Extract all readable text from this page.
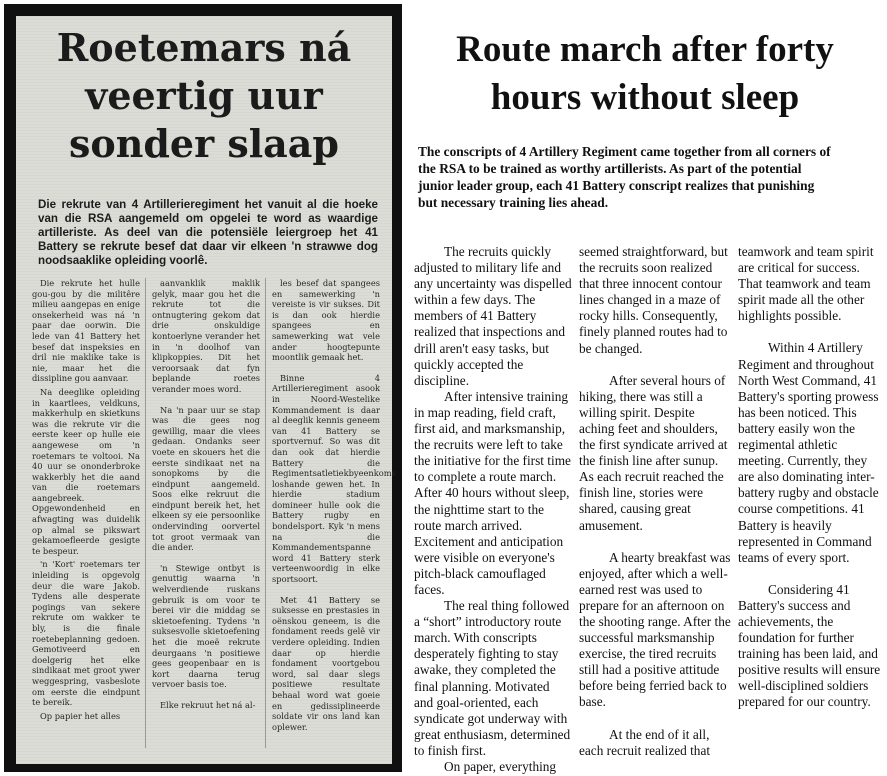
Roetemars ná
veertig uur
sonder slaap

Die rekrute van 4 Artillerieregiment het vanuit al die hoeke van die RSA aangemeld om opgelei te word as waardige artilleriste. As deel van die potensiële leiergroep het 41 Battery se rekrute besef dat daar vir elkeen 'n strawwe dog noodsaaklike opleiding voorlê.

Die rekrute het hulle gou-gou by die militêre milieu aangepas en enige onsekerheid was ná 'n paar dae oorwin. Die lede van 41 Battery het besef dat inspeksies en dril nie maklike take is nie, maar het die dissipline gou aanvaar.

Na deeglike opleiding in kaartlees, veldkuns, makkerhulp en skietkuns was die rekrute vir die eerste keer op hulle eie aangewese om 'n roetemars te voltooi. Na 40 uur se ononderbroke wakkerbly het die aand van die roetemars aangebreek. Opgewondenheid en afwagting was duidelik op almal se pikswart gekamoefleerde gesigte te bespeur.

'n 'Kort' roetemars ter inleiding is opgevolg deur die ware Jakob. Tydens alle desperate pogings van sekere rekrute om wakker te bly, is die finale roetebeplanning gedoen. Gemotiveerd en doelgerig het elke sindikaat met groot ywer weggespring, vasbeslote om eerste die eindpunt te bereik.

Op papier het alles

aanvanklik maklik gelyk, maar gou het die rekrute tot die ontnugtering gekom dat drie onskuldige kontoerlyne verander het in 'n doolhof van klipkoppies. Dit het veroorsaak dat fyn beplande roetes verander moes word.

Na 'n paar uur se stap was die gees nog gewillig, maar die vlees gedaan. Ondanks seer voete en skouers het die eerste sindikaat net na sonopkoms by die eindpunt aangemeld. Soos elke rekruut die eindpunt bereik het, het elkeen sy eie persoonlike ondervinding oorvertel tot groot vermaak van die ander.

'n Stewige ontbyt is genuttig waarna 'n welverdiende ruskans gebruik is om voor te berei vir die middag se skietoefening. Tydens 'n suksesvolle skietoefening het die moeë rekrute deurgaans 'n positiewe gees geopenbaar en is kort daarna terug vervoer basis toe.

Elke rekruut het ná al-

les besef dat spangees en samewerking 'n vereiste is vir sukses. Dit is dan ook hierdie spangees en samewerking wat vele ander hoogtepunte moontlik gemaak het.

Binne 4 Artillerieregiment asook in Noord-Westelike Kommandement is daar al deeglik kennis geneem van 41 Battery se sportvernuf. So was dit dan ook dat hierdie Battery die Regimentsatletiekbyeenkoms loshande gewen het. In hierdie stadium domineer hulle ook die Battery rugby en bondelsport. Kyk 'n mens na die Kommandementspanne word 41 Battery sterk verteenwoordig in elke sportsoort.

Met 41 Battery se suksesse en prestasies in oënskou geneem, is die fondament reeds gelê vir verdere opleiding. Indien daar op hierdie fondament voortgebou word, sal daar slegs positiewe resultate behaal word wat goeie en gedissiplineerde soldate vir ons land kan oplewer.

Route march after forty
hours without sleep

The conscripts of 4 Artillery Regiment came together from all corners of the RSA to be trained as worthy artillerists. As part of the potential junior leader group, each 41 Battery conscript realizes that punishing but necessary training lies ahead.

The recruits quickly adjusted to military life and any uncertainty was dispelled within a few days. The members of 41 Battery realized that inspections and drill aren't easy tasks, but quickly accepted the discipline.

After intensive training in map reading, field craft, first aid, and marksmanship, the recruits were left to take the initiative for the first time to complete a route march. After 40 hours without sleep, the nighttime start to the route march arrived. Excitement and anticipation were visible on everyone's pitch-black camouflaged faces.

The real thing followed a “short” introductory route march. With conscripts desperately fighting to stay awake, they completed the final planning. Motivated and goal-oriented, each syndicate got underway with great enthusiasm, determined to finish first.

On paper, everything

seemed straightforward, but the recruits soon realized that three innocent contour lines changed in a maze of rocky hills. Consequently, finely planned routes had to be changed.

After several hours of hiking, there was still a willing spirit. Despite aching feet and shoulders, the first syndicate arrived at the finish line after sunup. As each recruit reached the finish line, stories were shared, causing great amusement.

A hearty breakfast was enjoyed, after which a well-earned rest was used to prepare for an afternoon on the shooting range. After the successful marksmanship exercise, the tired recruits still had a positive attitude before being ferried back to base.

At the end of it all, each recruit realized that

teamwork and team spirit are critical for success. That teamwork and team spirit made all the other highlights possible.

Within 4 Artillery Regiment and throughout North West Command, 41 Battery's sporting prowess has been noticed. This battery easily won the regimental athletic meeting. Currently, they are also dominating inter-battery rugby and obstacle course competitions. 41 Battery is heavily represented in Command teams of every sport.

Considering 41 Battery's success and achievements, the foundation for further training has been laid, and positive results will ensure well-disciplined soldiers prepared for our country.
